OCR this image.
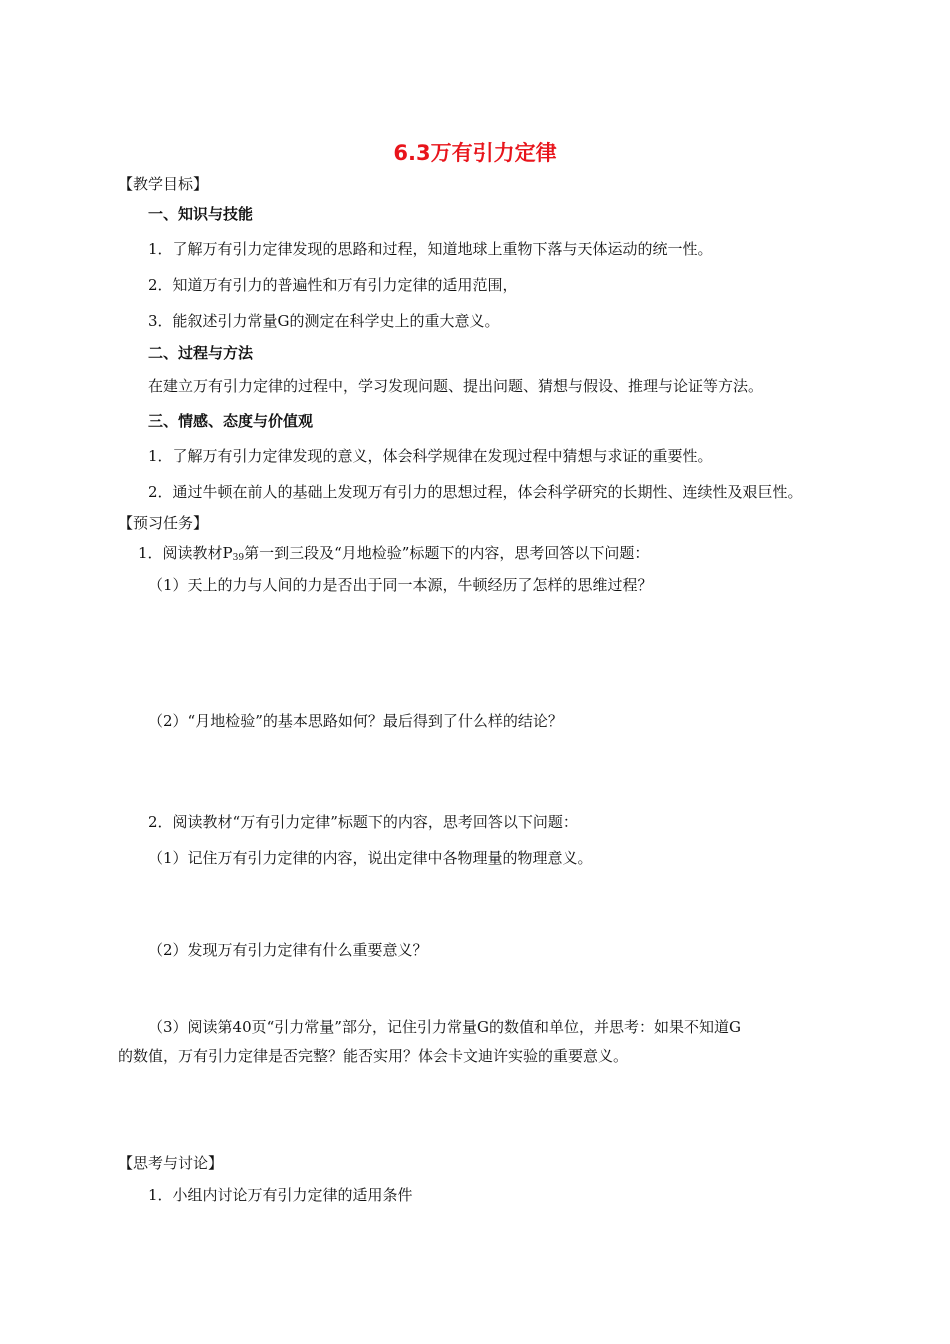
6.3万有引力定律
【教学目标】
一、知识与技能
1．了解万有引力定律发现的思路和过程，知道地球上重物下落与天体运动的统一性。
2．知道万有引力的普遍性和万有引力定律的适用范围，
3．能叙述引力常量G的测定在科学史上的重大意义。
二、过程与方法
在建立万有引力定律的过程中，学习发现问题、提出问题、猜想与假设、推理与论证等方法。
三、情感、态度与价值观
1．了解万有引力定律发现的意义，体会科学规律在发现过程中猜想与求证的重要性。
2．通过牛顿在前人的基础上发现万有引力的思想过程，体会科学研究的长期性、连续性及艰巨性。
【预习任务】
1．阅读教材$P_{39}$第一到三段及“月地检验”标题下的内容，思考回答以下问题：
（1）天上的力与人间的力是否出于同一本源，牛顿经历了怎样的思维过程？
（2）“月地检验”的基本思路如何？最后得到了什么样的结论？
2．阅读教材“万有引力定律”标题下的内容，思考回答以下问题：
（1）记住万有引力定律的内容，说出定律中各物理量的物理意义。
（2）发现万有引力定律有什么重要意义？
（3）阅读第40页“引力常量”部分，记住引力常量G的数值和单位，并思考：如果不知道G
的数值，万有引力定律是否完整？能否实用？体会卡文迪许实验的重要意义。
【思考与讨论】
1．小组内讨论万有引力定律的适用条件
